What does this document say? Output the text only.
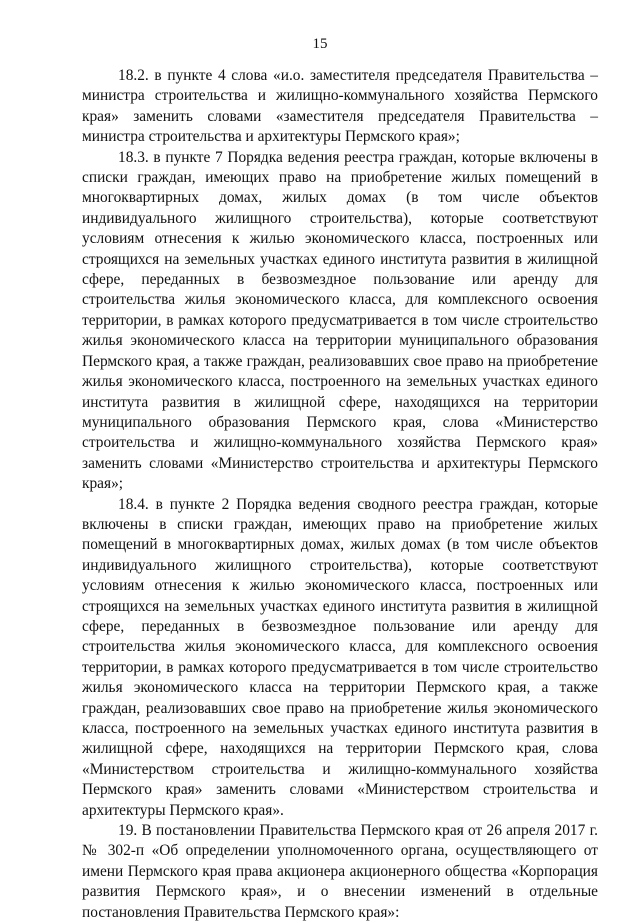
15

18.2. в пункте 4 слова «и.о. заместителя председателя Правительства – министра строительства и жилищно-коммунального хозяйства Пермского края» заменить словами «заместителя председателя Правительства – министра строительства и архитектуры Пермского края»;

18.3. в пункте 7 Порядка ведения реестра граждан, которые включены в списки граждан, имеющих право на приобретение жилых помещений в многоквартирных домах, жилых домах (в том числе объектов индивидуального жилищного строительства), которые соответствуют условиям отнесения к жилью экономического класса, построенных или строящихся на земельных участках единого института развития в жилищной сфере, переданных в безвозмездное пользование или аренду для строительства жилья экономического класса, для комплексного освоения территории, в рамках которого предусматривается в том числе строительство жилья экономического класса на территории муниципального образования Пермского края, а также граждан, реализовавших свое право на приобретение жилья экономического класса, построенного на земельных участках единого института развития в жилищной сфере, находящихся на территории муниципального образования Пермского края, слова «Министерство строительства и жилищно-коммунального хозяйства Пермского края» заменить словами «Министерство строительства и архитектуры Пермского края»;

18.4. в пункте 2 Порядка ведения сводного реестра граждан, которые включены в списки граждан, имеющих право на приобретение жилых помещений в многоквартирных домах, жилых домах (в том числе объектов индивидуального жилищного строительства), которые соответствуют условиям отнесения к жилью экономического класса, построенных или строящихся на земельных участках единого института развития в жилищной сфере, переданных в безвозмездное пользование или аренду для строительства жилья экономического класса, для комплексного освоения территории, в рамках которого предусматривается в том числе строительство жилья экономического класса на территории Пермского края, а также граждан, реализовавших свое право на приобретение жилья экономического класса, построенного на земельных участках единого института развития в жилищной сфере, находящихся на территории Пермского края, слова «Министерством строительства и жилищно-коммунального хозяйства Пермского края» заменить словами «Министерством строительства и архитектуры Пермского края».

19. В постановлении Правительства Пермского края от 26 апреля 2017 г. № 302-п «Об определении уполномоченного органа, осуществляющего от имени Пермского края права акционера акционерного общества «Корпорация развития Пермского края», и о внесении изменений в отдельные постановления Правительства Пермского края»:
